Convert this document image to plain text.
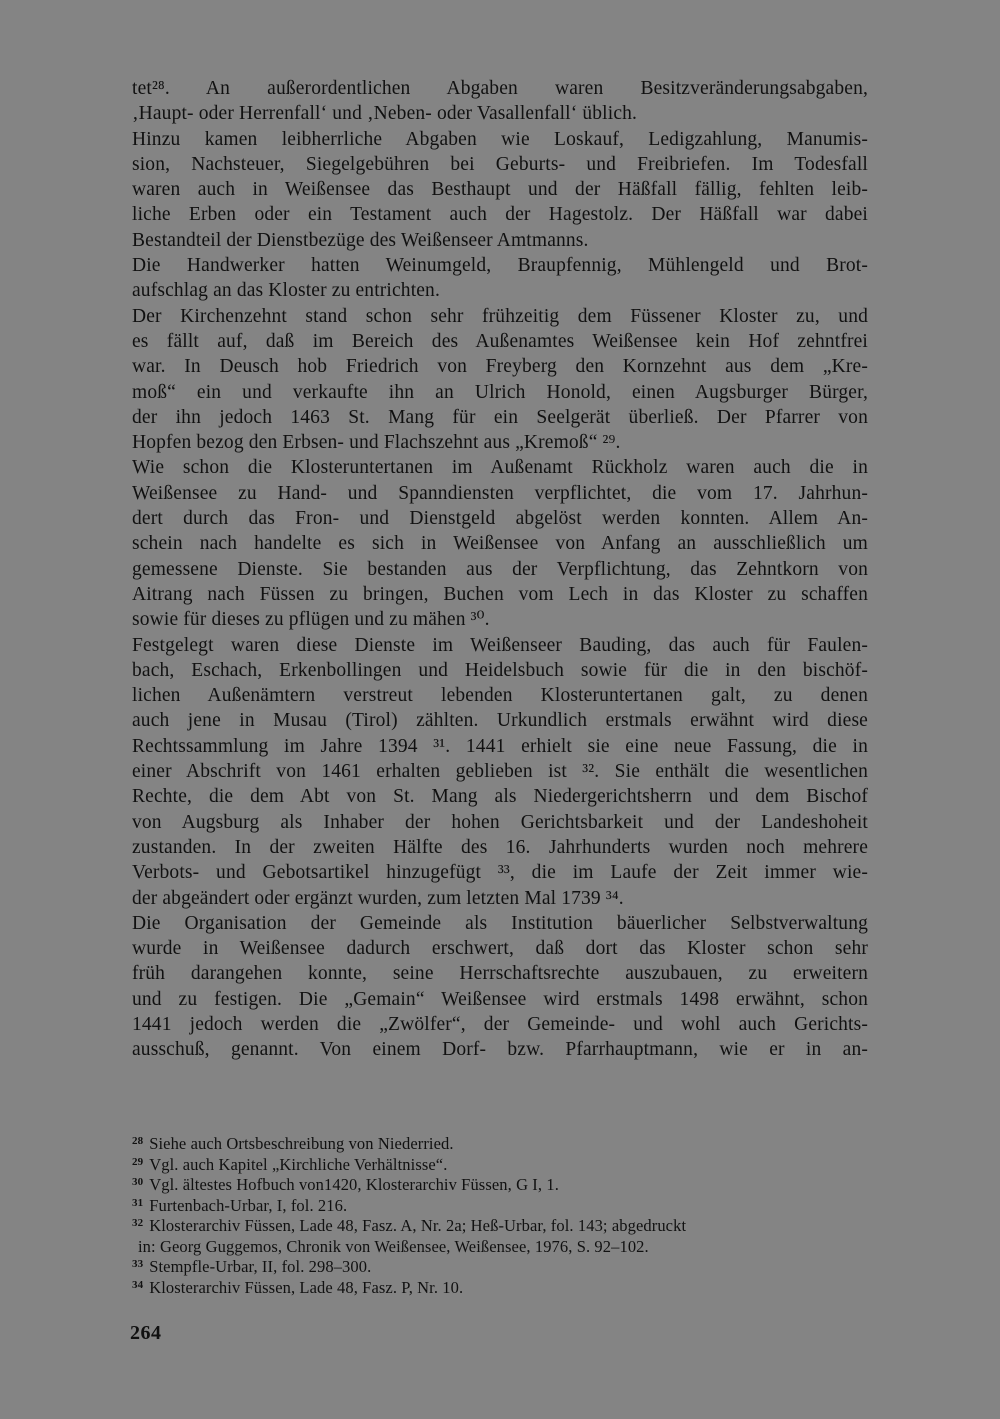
tet²⁸. An außerordentlichen Abgaben waren Besitzveränderungsabgaben,
‚Haupt- oder Herrenfall‘ und ‚Neben- oder Vasallenfall‘ üblich.
Hinzu kamen leibherrliche Abgaben wie Loskauf, Ledigzahlung, Manumis-
sion, Nachsteuer, Siegelgebühren bei Geburts- und Freibriefen. Im Todesfall
waren auch in Weißensee das Besthaupt und der Häßfall fällig, fehlten leib-
liche Erben oder ein Testament auch der Hagestolz. Der Häßfall war dabei
Bestandteil der Dienstbezüge des Weißenseer Amtmanns.
Die Handwerker hatten Weinumgeld, Braupfennig, Mühlengeld und Brot-
aufschlag an das Kloster zu entrichten.
Der Kirchenzehnt stand schon sehr frühzeitig dem Füssener Kloster zu, und
es fällt auf, daß im Bereich des Außenamtes Weißensee kein Hof zehntfrei
war. In Deusch hob Friedrich von Freyberg den Kornzehnt aus dem „Kre-
moß“ ein und verkaufte ihn an Ulrich Honold, einen Augsburger Bürger,
der ihn jedoch 1463 St. Mang für ein Seelgerät überließ. Der Pfarrer von
Hopfen bezog den Erbsen- und Flachszehnt aus „Kremoß“ ²⁹.
Wie schon die Klosteruntertanen im Außenamt Rückholz waren auch die in
Weißensee zu Hand- und Spanndiensten verpflichtet, die vom 17. Jahrhun-
dert durch das Fron- und Dienstgeld abgelöst werden konnten. Allem An-
schein nach handelte es sich in Weißensee von Anfang an ausschließlich um
gemessene Dienste. Sie bestanden aus der Verpflichtung, das Zehntkorn von
Aitrang nach Füssen zu bringen, Buchen vom Lech in das Kloster zu schaffen
sowie für dieses zu pflügen und zu mähen ³⁰.
Festgelegt waren diese Dienste im Weißenseer Bauding, das auch für Faulen-
bach, Eschach, Erkenbollingen und Heidelsbuch sowie für die in den bischöf-
lichen Außenämtern verstreut lebenden Klosteruntertanen galt, zu denen
auch jene in Musau (Tirol) zählten. Urkundlich erstmals erwähnt wird diese
Rechtssammlung im Jahre 1394 ³¹. 1441 erhielt sie eine neue Fassung, die in
einer Abschrift von 1461 erhalten geblieben ist ³². Sie enthält die wesentlichen
Rechte, die dem Abt von St. Mang als Niedergerichtsherrn und dem Bischof
von Augsburg als Inhaber der hohen Gerichtsbarkeit und der Landeshoheit
zustanden. In der zweiten Hälfte des 16. Jahrhunderts wurden noch mehrere
Verbots- und Gebotsartikel hinzugefügt ³³, die im Laufe der Zeit immer wie-
der abgeändert oder ergänzt wurden, zum letzten Mal 1739 ³⁴.
Die Organisation der Gemeinde als Institution bäuerlicher Selbstverwaltung
wurde in Weißensee dadurch erschwert, daß dort das Kloster schon sehr
früh darangehen konnte, seine Herrschaftsrechte auszubauen, zu erweitern
und zu festigen. Die „Gemain“ Weißensee wird erstmals 1498 erwähnt, schon
1441 jedoch werden die „Zwölfer“, der Gemeinde- und wohl auch Gerichts-
ausschuß, genannt. Von einem Dorf- bzw. Pfarrhauptmann, wie er in an-
$^{28}$ Siehe auch Ortsbeschreibung von Niederried.
$^{29}$ Vgl. auch Kapitel „Kirchliche Verhältnisse“.
$^{30}$ Vgl. ältestes Hofbuch von1420, Klosterarchiv Füssen, G I, 1.
$^{31}$ Furtenbach-Urbar, I, fol. 216.
$^{32}$ Klosterarchiv Füssen, Lade 48, Fasz. A, Nr. 2a; Heß-Urbar, fol. 143; abgedruckt
in: Georg Guggemos, Chronik von Weißensee, Weißensee, 1976, S. 92–102.
$^{33}$ Stempfle-Urbar, II, fol. 298–300.
$^{34}$ Klosterarchiv Füssen, Lade 48, Fasz. P, Nr. 10.
264
